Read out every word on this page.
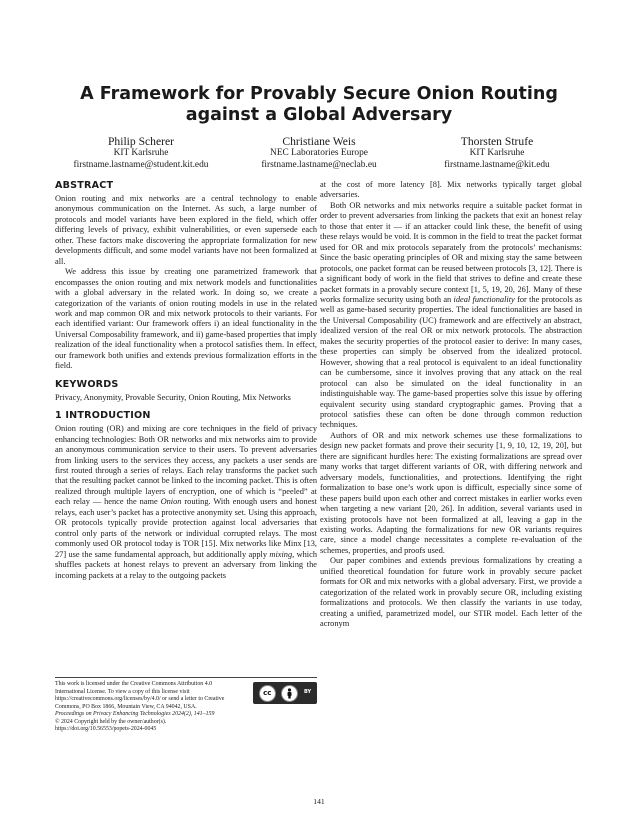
A Framework for Provably Secure Onion Routing
against a Global Adversary
Philip Scherer
KIT Karlsruhe
firstname.lastname@student.kit.edu
Christiane Weis
NEC Laboratories Europe
firstname.lastname@neclab.eu
Thorsten Strufe
KIT Karlsruhe
firstname.lastname@kit.edu
ABSTRACT

Onion routing and mix networks are a central technology to enable anonymous communication on the Internet. As such, a large number of protocols and model variants have been explored in the field, which offer differing levels of privacy, exhibit vulnerabilities, or even supersede each other. These factors make discovering the appropriate formalization for new developments difficult, and some model variants have not been formalized at all.

We address this issue by creating one parametrized framework that encompasses the onion routing and mix network models and functionalities with a global adversary in the related work. In doing so, we create a categorization of the variants of onion routing models in use in the related work and map common OR and mix network protocols to their variants. For each identified variant: Our framework offers i) an ideal functionality in the Universal Composability framework, and ii) game-based properties that imply realization of the ideal functionality when a protocol satisfies them. In effect, our framework both unifies and extends previous formalization efforts in the field.

KEYWORDS

Privacy, Anonymity, Provable Security, Onion Routing, Mix Networks

1 INTRODUCTION

Onion routing (OR) and mixing are core techniques in the field of privacy enhancing technologies: Both OR networks and mix networks aim to provide an anonymous communication service to their users. To prevent adversaries from linking users to the services they access, any packets a user sends are first routed through a series of relays. Each relay transforms the packet such that the resulting packet cannot be linked to the incoming packet. This is often realized through multiple layers of encryption, one of which is “peeled” at each relay — hence the name Onion routing. With enough users and honest relays, each user’s packet has a protective anonymity set. Using this approach, OR protocols typically provide protection against local adversaries that control only parts of the network or individual corrupted relays. The most commonly used OR protocol today is TOR [15]. Mix networks like Minx [13, 27] use the same fundamental approach, but additionally apply mixing, which shuffles packets at honest relays to prevent an adversary from linking the incoming packets at a relay to the outgoing packets

at the cost of more latency [8]. Mix networks typically target global adversaries.

Both OR networks and mix networks require a suitable packet format in order to prevent adversaries from linking the packets that exit an honest relay to those that enter it — if an attacker could link these, the benefit of using these relays would be void. It is common in the field to treat the packet format used for OR and mix protocols separately from the protocols’ mechanisms: Since the basic operating principles of OR and mixing stay the same between protocols, one packet format can be reused between protocols [3, 12]. There is a significant body of work in the field that strives to define and create these packet formats in a provably secure context [1, 5, 19, 20, 26]. Many of these works formalize security using both an ideal functionality for the protocols as well as game-based security properties. The ideal functionalities are based in the Universal Composability (UC) framework and are effectively an abstract, idealized version of the real OR or mix network protocols. The abstraction makes the security properties of the protocol easier to derive: In many cases, these properties can simply be observed from the idealized protocol. However, showing that a real protocol is equivalent to an ideal functionality can be cumbersome, since it involves proving that any attack on the real protocol can also be simulated on the ideal functionality in an indistinguishable way. The game-based properties solve this issue by offering equivalent security using standard cryptographic games. Proving that a protocol satisfies these can often be done through common reduction techniques.

Authors of OR and mix network schemes use these formalizations to design new packet formats and prove their security [1, 9, 10, 12, 19, 20], but there are significant hurdles here: The existing formalizations are spread over many works that target different variants of OR, with differing network and adversary models, functionalities, and protections. Identifying the right formalization to base one’s work upon is difficult, especially since some of these papers build upon each other and correct mistakes in earlier works even when targeting a new variant [20, 26]. In addition, several variants used in existing protocols have not been formalized at all, leaving a gap in the existing works. Adapting the formalizations for new OR variants requires care, since a model change necessitates a complete re-evaluation of the schemes, properties, and proofs used.

Our paper combines and extends previous formalizations by creating a unified theoretical foundation for future work in provably secure packet formats for OR and mix networks with a global adversary. First, we provide a categorization of the related work in provably secure OR, including existing formalizations and protocols. We then classify the variants in use today, creating a unified, parametrized model, our STIR model. Each letter of the acronym

This work is licensed under the Creative Commons Attribution 4.0 International License. To view a copy of this license visit https://creativecommons.org/licenses/by/4.0/ or send a letter to Creative Commons, PO Box 1866, Mountain View, CA 94042, USA.
Proceedings on Privacy Enhancing Technologies 2024(2), 141–159
© 2024 Copyright held by the owner/author(s).
https://doi.org/10.56553/popets-2024-0045
cc	BY
141
